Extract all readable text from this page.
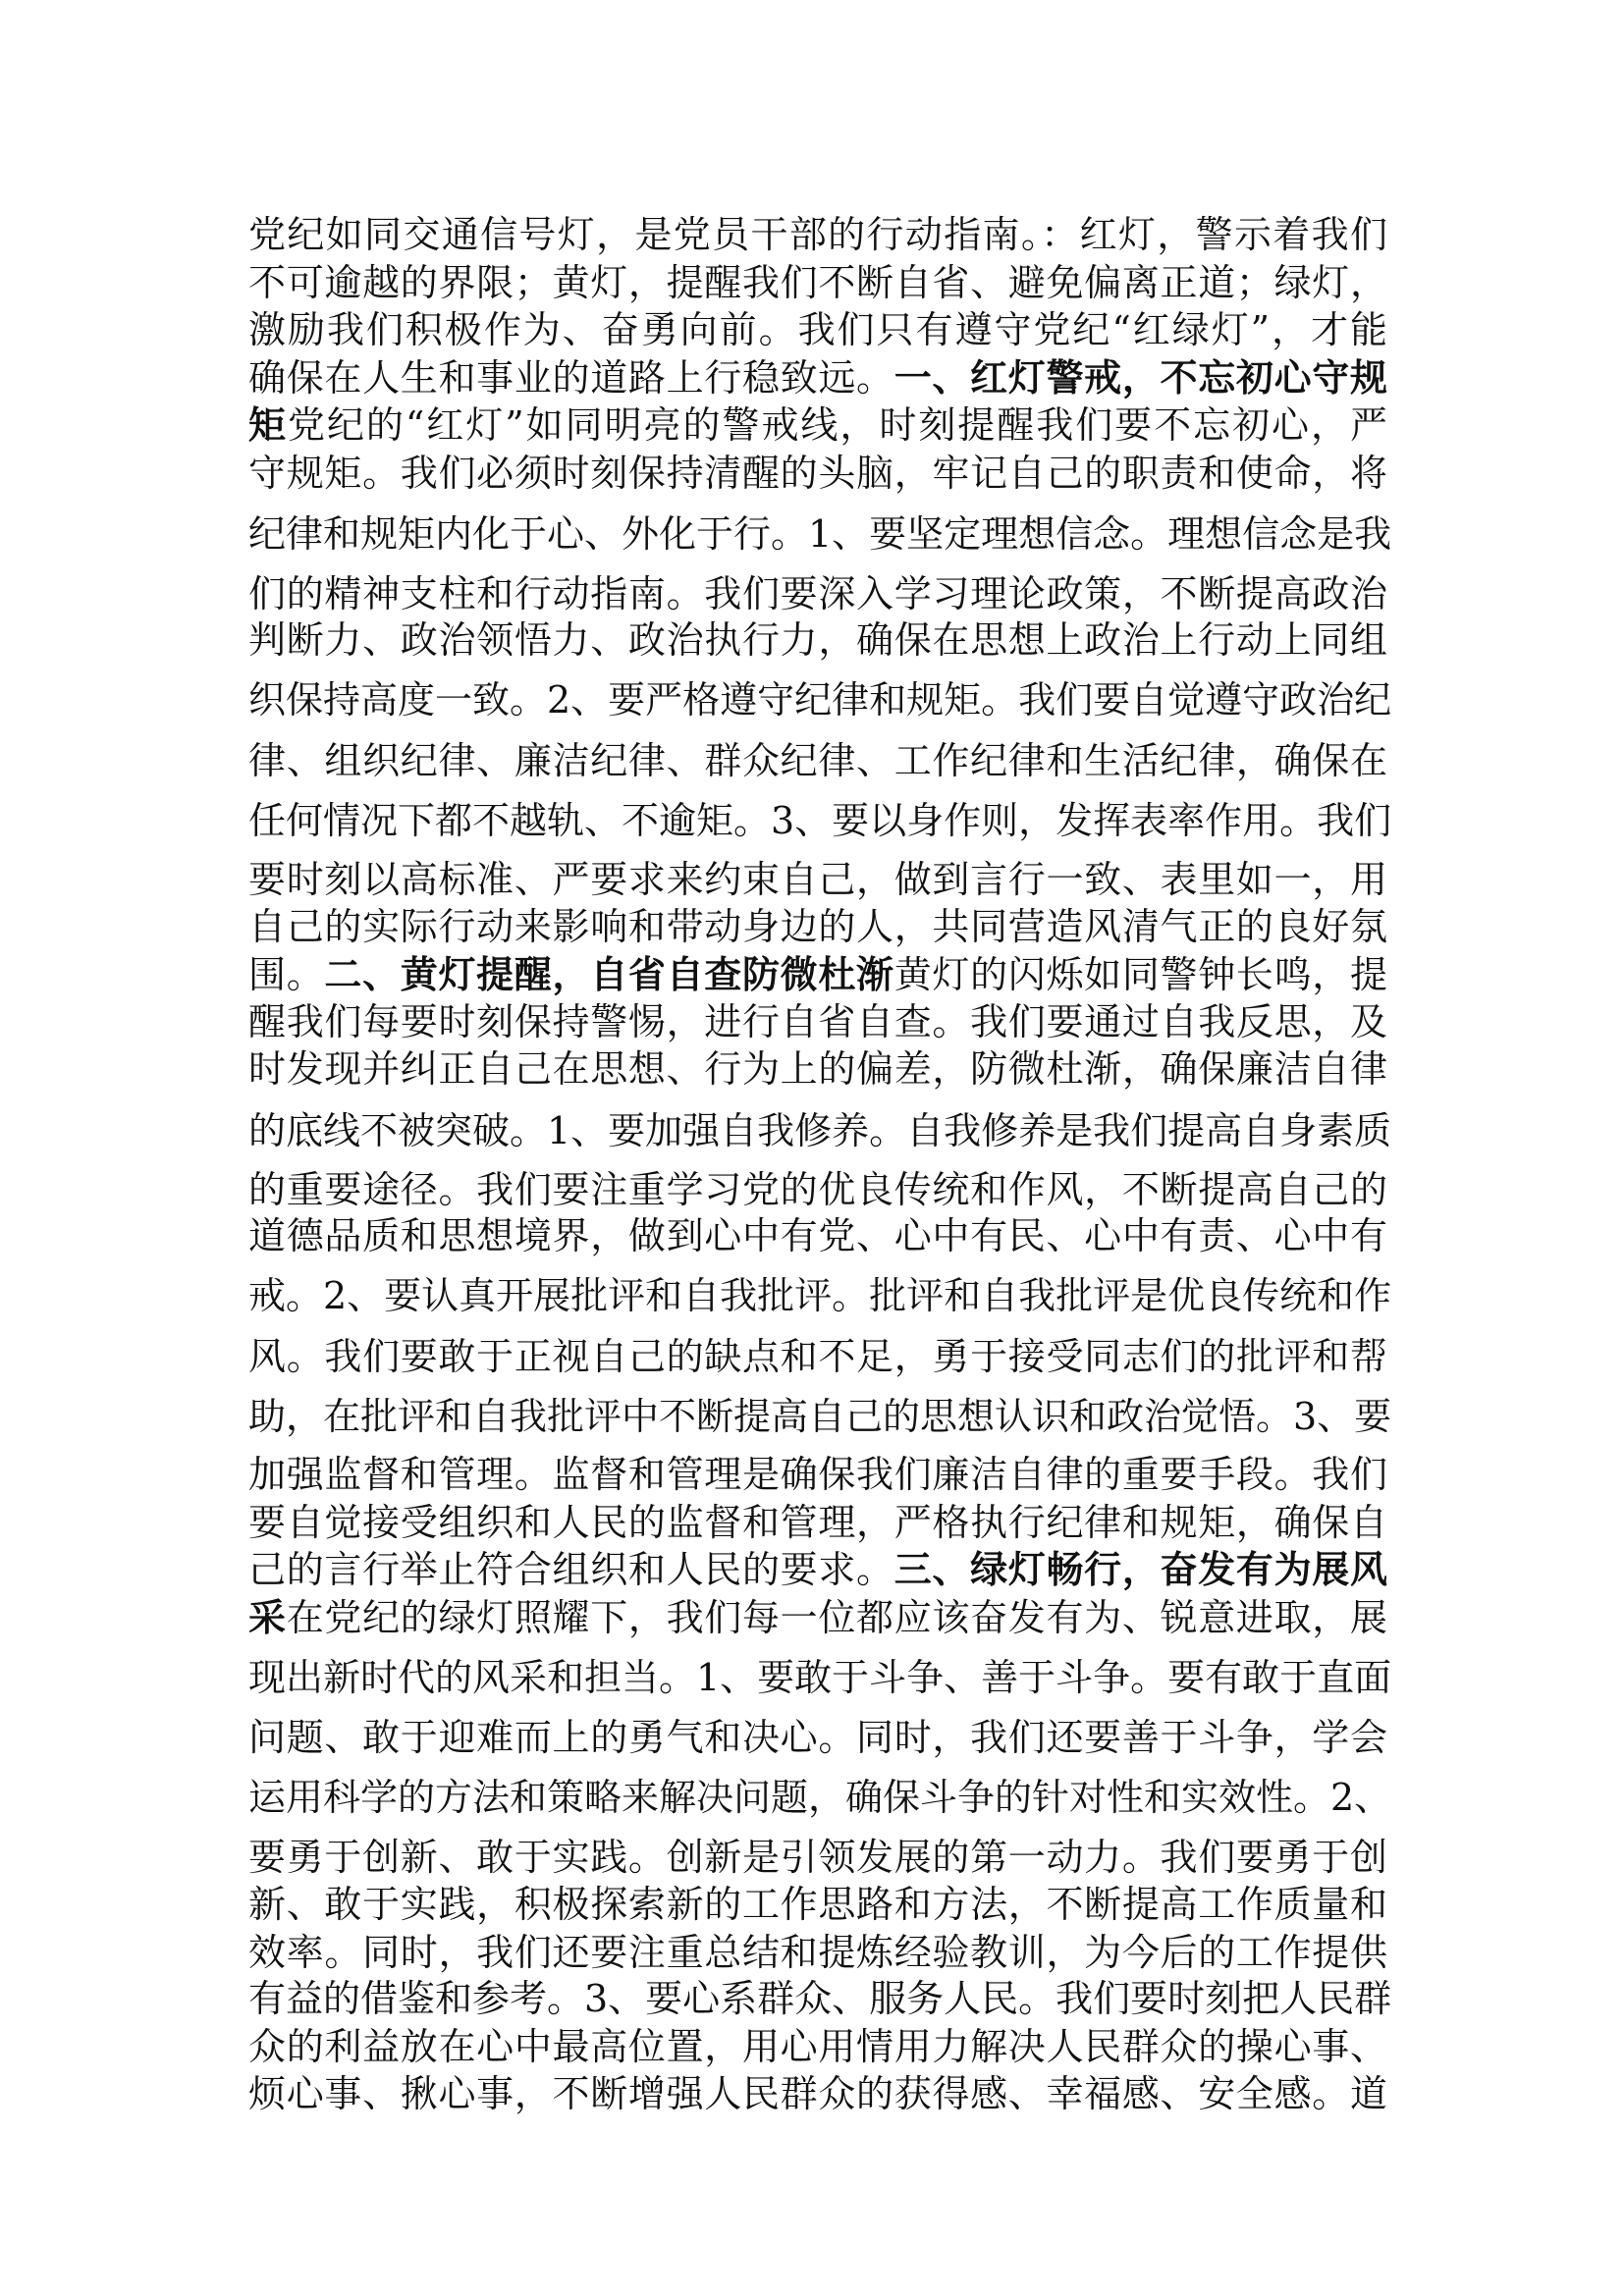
党纪如同交通信号灯，是党员干部的行动指南。：红灯，警示着我们
不可逾越的界限；黄灯，提醒我们不断自省、避免偏离正道；绿灯，
激励我们积极作为、奋勇向前。我们只有遵守党纪“红绿灯”，才能
确保在人生和事业的道路上行稳致远。一、红灯警戒，不忘初心守规
矩党纪的“红灯”如同明亮的警戒线，时刻提醒我们要不忘初心，严
守规矩。我们必须时刻保持清醒的头脑，牢记自己的职责和使命，将
纪律和规矩内化于心、外化于行。1、要坚定理想信念。理想信念是我
们的精神支柱和行动指南。我们要深入学习理论政策，不断提高政治
判断力、政治领悟力、政治执行力，确保在思想上政治上行动上同组
织保持高度一致。2、要严格遵守纪律和规矩。我们要自觉遵守政治纪
律、组织纪律、廉洁纪律、群众纪律、工作纪律和生活纪律，确保在
任何情况下都不越轨、不逾矩。3、要以身作则，发挥表率作用。我们
要时刻以高标准、严要求来约束自己，做到言行一致、表里如一，用
自己的实际行动来影响和带动身边的人，共同营造风清气正的良好氛
围。二、黄灯提醒，自省自查防微杜渐黄灯的闪烁如同警钟长鸣，提
醒我们每要时刻保持警惕，进行自省自查。我们要通过自我反思，及
时发现并纠正自己在思想、行为上的偏差，防微杜渐，确保廉洁自律
的底线不被突破。1、要加强自我修养。自我修养是我们提高自身素质
的重要途径。我们要注重学习党的优良传统和作风，不断提高自己的
道德品质和思想境界，做到心中有党、心中有民、心中有责、心中有
戒。2、要认真开展批评和自我批评。批评和自我批评是优良传统和作
风。我们要敢于正视自己的缺点和不足，勇于接受同志们的批评和帮
助，在批评和自我批评中不断提高自己的思想认识和政治觉悟。3、要
加强监督和管理。监督和管理是确保我们廉洁自律的重要手段。我们
要自觉接受组织和人民的监督和管理，严格执行纪律和规矩，确保自
己的言行举止符合组织和人民的要求。三、绿灯畅行，奋发有为展风
采在党纪的绿灯照耀下，我们每一位都应该奋发有为、锐意进取，展
现出新时代的风采和担当。1、要敢于斗争、善于斗争。要有敢于直面
问题、敢于迎难而上的勇气和决心。同时，我们还要善于斗争，学会
运用科学的方法和策略来解决问题，确保斗争的针对性和实效性。2、
要勇于创新、敢于实践。创新是引领发展的第一动力。我们要勇于创
新、敢于实践，积极探索新的工作思路和方法，不断提高工作质量和
效率。同时，我们还要注重总结和提炼经验教训，为今后的工作提供
有益的借鉴和参考。3、要心系群众、服务人民。我们要时刻把人民群
众的利益放在心中最高位置，用心用情用力解决人民群众的操心事、
烦心事、揪心事，不断增强人民群众的获得感、幸福感、安全感。道
